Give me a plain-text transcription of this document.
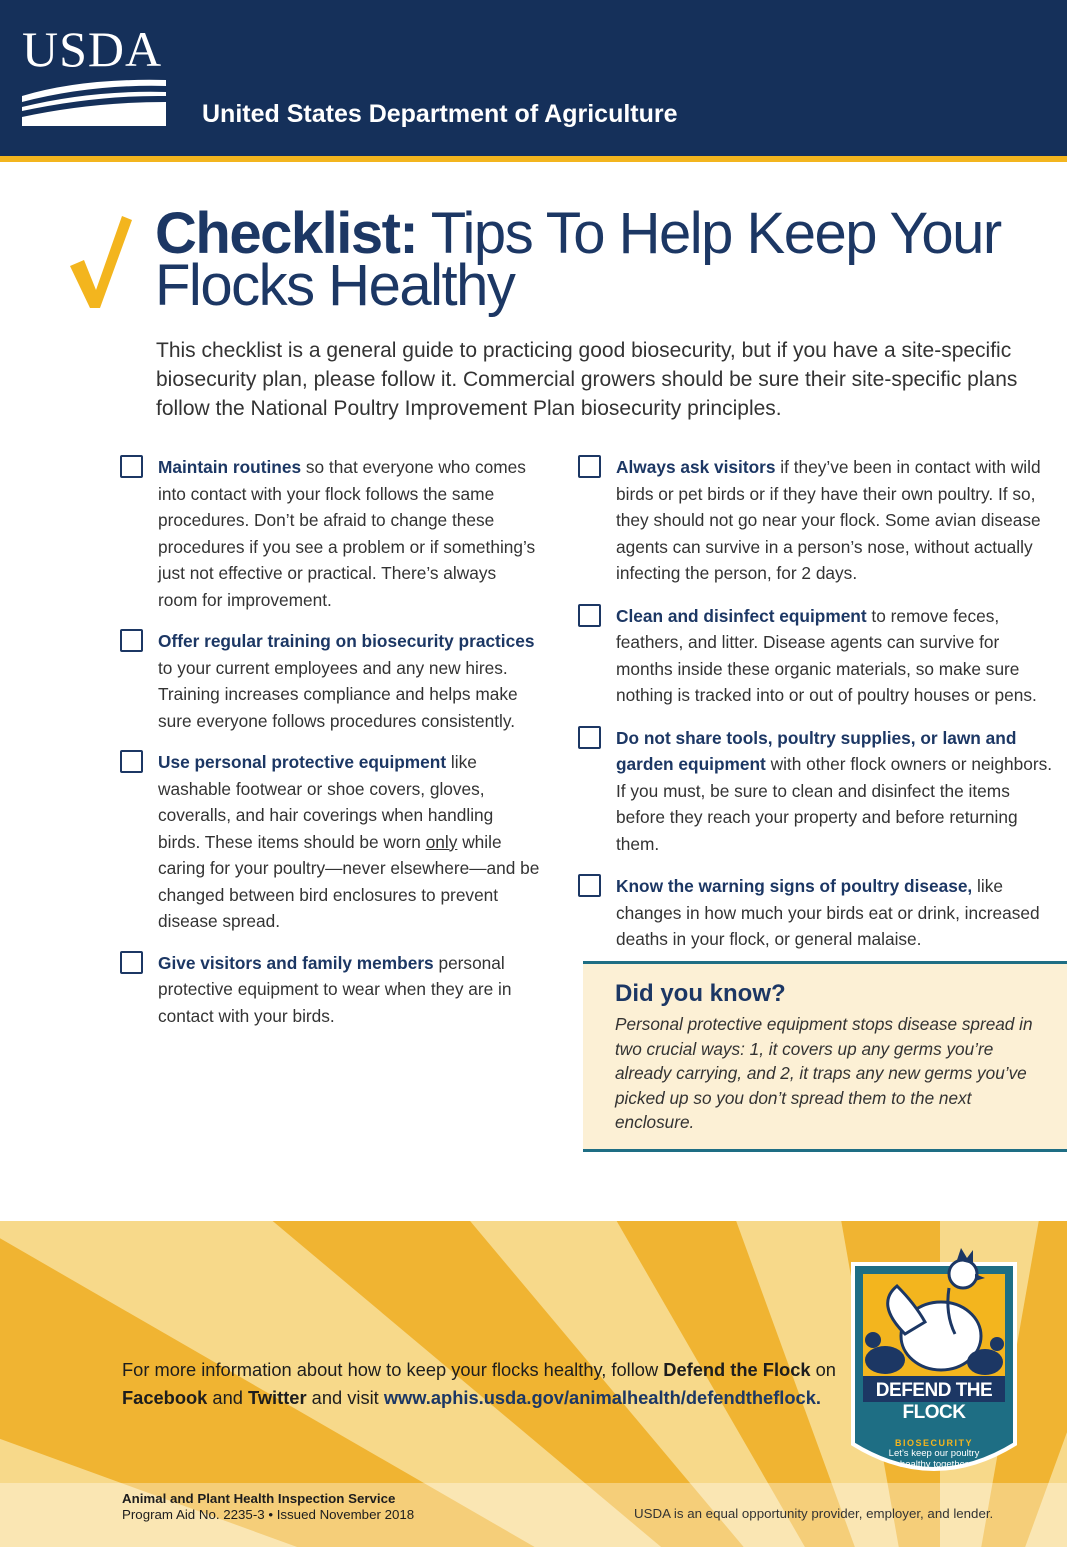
USDA
United States Department of Agriculture
Checklist: Tips To Help Keep Your Flocks Healthy
This checklist is a general guide to practicing good biosecurity, but if you have a site-specific biosecurity plan, please follow it. Commercial growers should be sure their site-specific plans follow the National Poultry Improvement Plan biosecurity principles.
Maintain routines so that everyone who comes into contact with your flock follows the same procedures. Don’t be afraid to change these procedures if you see a problem or if something’s just not effective or practical. There’s always room for improvement.
Offer regular training on biosecurity practices to your current employees and any new hires. Training increases compliance and helps make sure everyone follows procedures consistently.
Use personal protective equipment like washable footwear or shoe covers, gloves, coveralls, and hair coverings when handling birds. These items should be worn only while caring for your poultry—never elsewhere—and be changed between bird enclosures to prevent disease spread.
Give visitors and family members personal protective equipment to wear when they are in contact with your birds.
Always ask visitors if they’ve been in contact with wild birds or pet birds or if they have their own poultry. If so, they should not go near your flock. Some avian disease agents can survive in a person’s nose, without actually infecting the person, for 2 days.
Clean and disinfect equipment to remove feces, feathers, and litter. Disease agents can survive for months inside these organic materials, so make sure nothing is tracked into or out of poultry houses or pens.
Do not share tools, poultry supplies, or lawn and garden equipment with other flock owners or neighbors. If you must, be sure to clean and disinfect the items before they reach your property and before returning them.
Know the warning signs of poultry disease, like changes in how much your birds eat or drink, increased deaths in your flock, or general malaise.
Did you know?

Personal protective equipment stops disease spread in two crucial ways: 1, it covers up any germs you’re already carrying, and 2, it traps any new germs you’ve picked up so you don’t spread them to the next enclosure.

For more information about how to keep your flocks healthy, follow Defend the Flock on Facebook and Twitter and visit www.aphis.usda.gov/animalhealth/defendtheflock.
Animal and Plant Health Inspection Service
Program Aid No. 2235-3 • Issued November 2018	USDA is an equal opportunity provider, employer, and lender.
DEFEND THE FLOCK
BIOSECURITY
Let’s keep our poultry
healthy together
